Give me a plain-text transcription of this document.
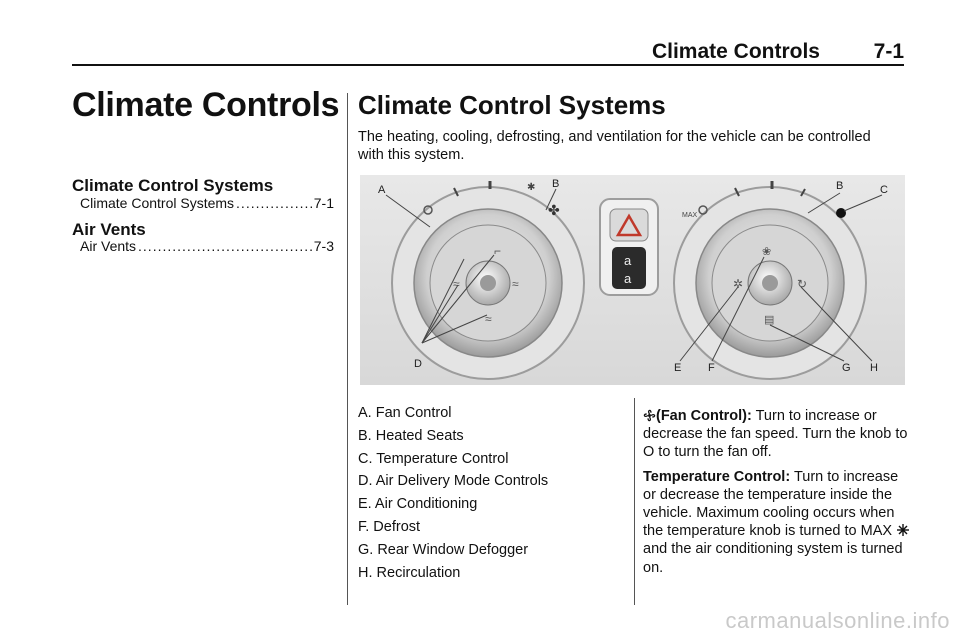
Climate Controls	7-1
Climate Controls
Climate Control Systems
Climate Control Systems .....	7-1
Air Vents
Air Vents .....	7-3
Climate Control Systems
The heating, cooling, defrosting, and ventilation for the vehicle can be controlled with this system.
✱
✤
⌐
≈	≈
≈
a
a
MAX
❀
✲	↻
▤
A	B	C
D	E F	G H
B
A. Fan Control
B. Heated Seats
C. Temperature Control
D. Air Delivery Mode Controls
E. Air Conditioning
F. Defrost
G. Rear Window Defogger
H. Recirculation

(Fan Control): Turn to increase or decrease the fan speed. Turn the knob to O to turn the fan off.

Temperature Control: Turn to increase or decrease the temperature inside the vehicle. Maximum cooling occurs when the temperature knob is turned to MAX  and the air conditioning system is turned on.

carmanualsonline.info
